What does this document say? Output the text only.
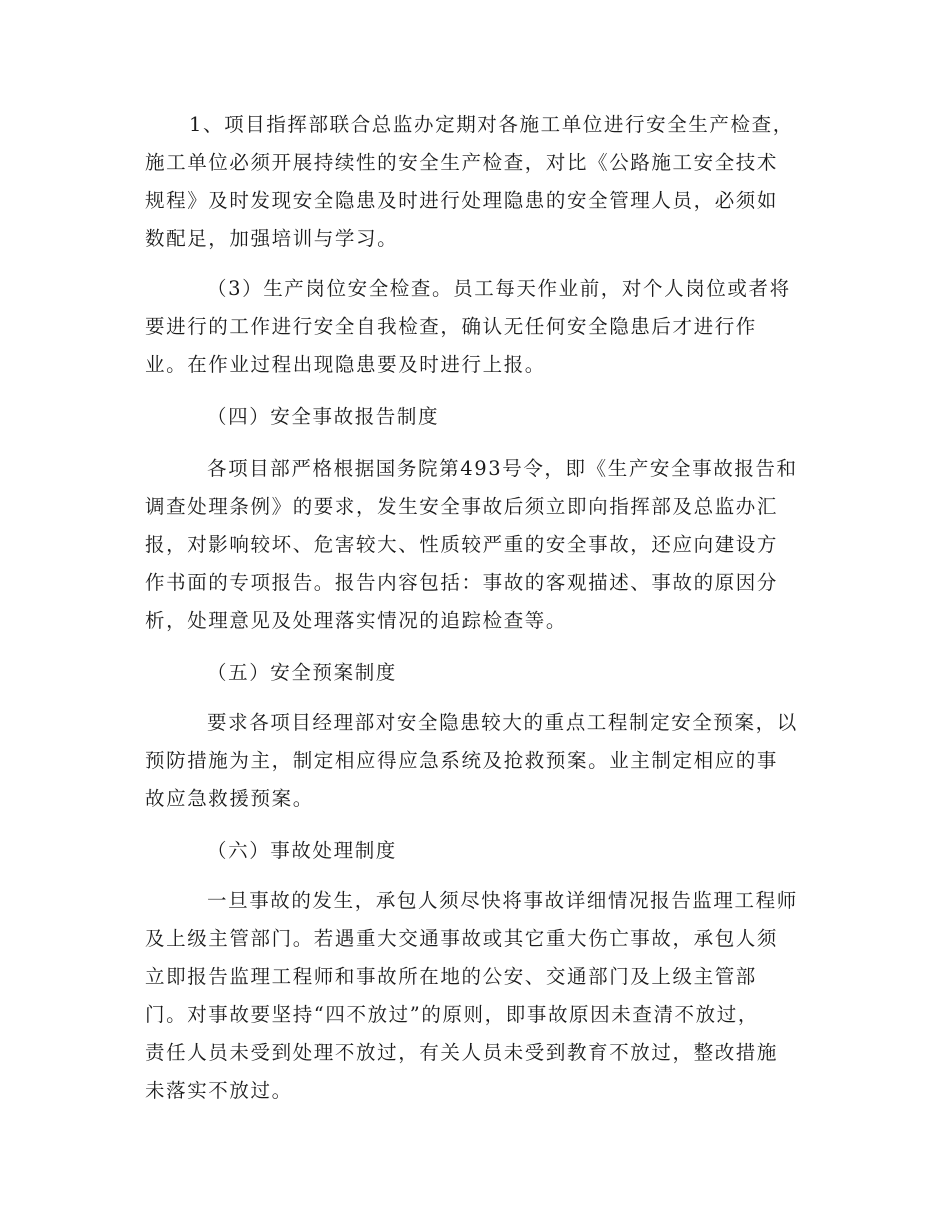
1、项目指挥部联合总监办定期对各施工单位进行安全生产检查，
施工单位必须开展持续性的安全生产检查，对比《公路施工安全技术
规程》及时发现安全隐患及时进行处理隐患的安全管理人员，必须如
数配足，加强培训与学习。
（3）生产岗位安全检查。员工每天作业前，对个人岗位或者将
要进行的工作进行安全自我检查，确认无任何安全隐患后才进行作
业。在作业过程出现隐患要及时进行上报。
（四）安全事故报告制度
各项目部严格根据国务院第493号令，即《生产安全事故报告和
调查处理条例》的要求，发生安全事故后须立即向指挥部及总监办汇
报，对影响较坏、危害较大、性质较严重的安全事故，还应向建设方
作书面的专项报告。报告内容包括：事故的客观描述、事故的原因分
析，处理意见及处理落实情况的追踪检查等。
（五）安全预案制度
要求各项目经理部对安全隐患较大的重点工程制定安全预案，以
预防措施为主，制定相应得应急系统及抢救预案。业主制定相应的事
故应急救援预案。
（六）事故处理制度
一旦事故的发生，承包人须尽快将事故详细情况报告监理工程师
及上级主管部门。若遇重大交通事故或其它重大伤亡事故，承包人须
立即报告监理工程师和事故所在地的公安、交通部门及上级主管部
门。对事故要坚持“四不放过”的原则，即事故原因未查清不放过，
责任人员未受到处理不放过，有关人员未受到教育不放过，整改措施
未落实不放过。
